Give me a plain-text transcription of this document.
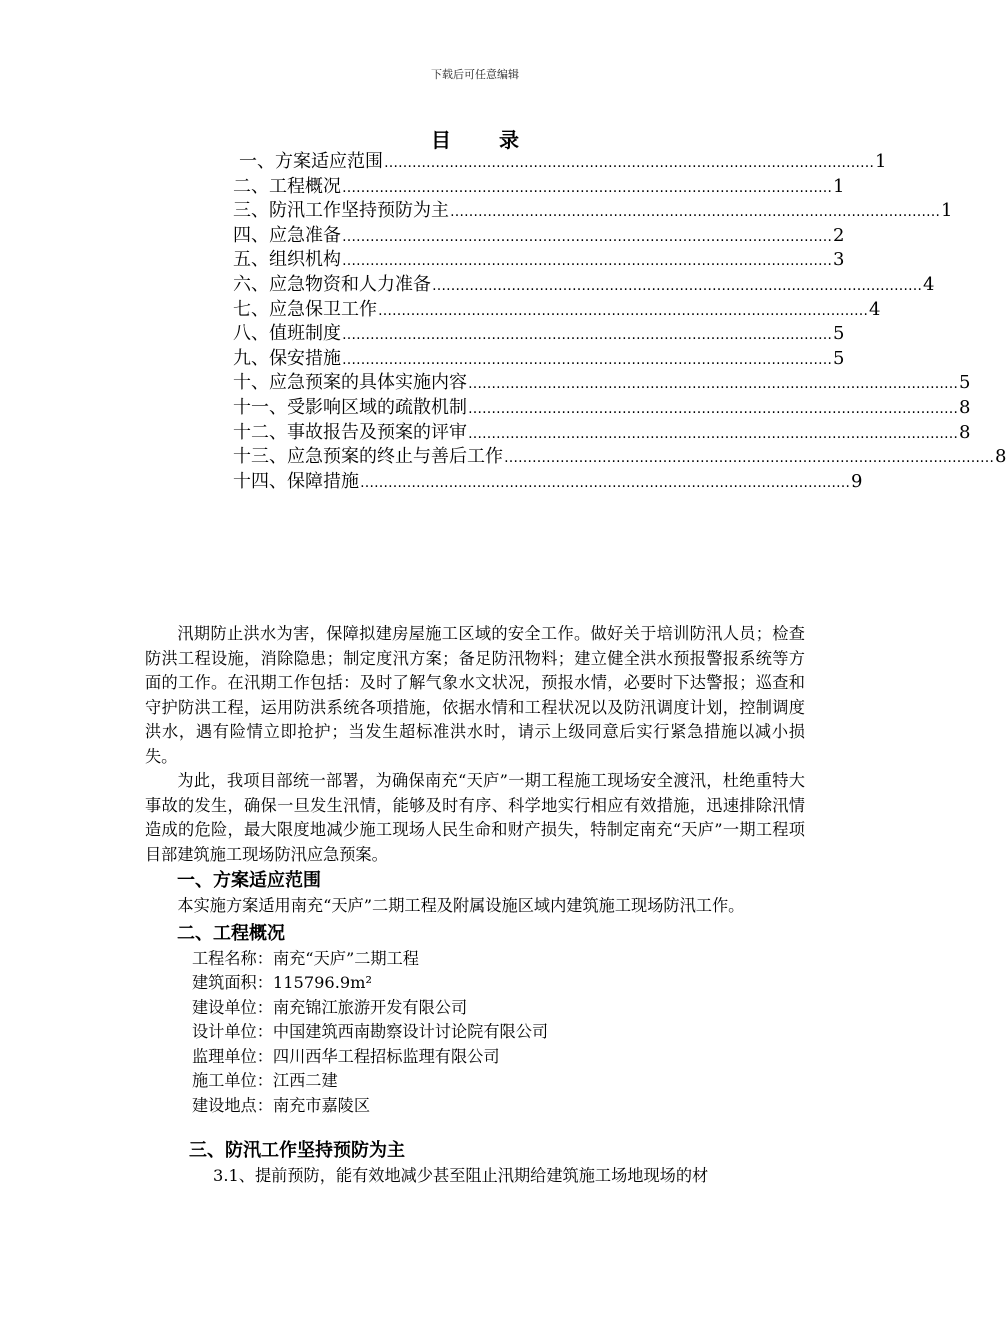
下载后可任意编辑
目 录
一、方案适应范围 …………………………………………………………………………………………… 1
二、工程概况 …………………………………………………………………………………………… 1
三、防汛工作坚持预防为主 …………………………………………………………………………………………… 1
四、应急准备 …………………………………………………………………………………………… 2
五、组织机构 …………………………………………………………………………………………… 3
六、应急物资和人力准备 …………………………………………………………………………………………… 4
七、应急保卫工作 …………………………………………………………………………………………… 4
八、值班制度 …………………………………………………………………………………………… 5
九、保安措施 …………………………………………………………………………………………… 5
十、应急预案的具体实施内容 …………………………………………………………………………………………… 5
十一、受影响区域的疏散机制 …………………………………………………………………………………………… 8
十二、事故报告及预案的评审 …………………………………………………………………………………………… 8
十三、应急预案的终止与善后工作 …………………………………………………………………………………………… 8
十四、保障措施 …………………………………………………………………………………………… 9

汛期防止洪水为害，保障拟建房屋施工区域的安全工作。做好关于培训防汛人员；检查防洪工程设施，消除隐患；制定度汛方案；备足防汛物料；建立健全洪水预报警报系统等方面的工作。在汛期工作包括：及时了解气象水文状况，预报水情，必要时下达警报；巡查和守护防洪工程，运用防洪系统各项措施，依据水情和工程状况以及防汛调度计划，控制调度洪水，遇有险情立即抢护；当发生超标准洪水时，请示上级同意后实行紧急措施以减小损失。

为此，我项目部统一部署，为确保南充“天庐”一期工程施工现场安全渡汛，杜绝重特大事故的发生，确保一旦发生汛情，能够及时有序、科学地实行相应有效措施，迅速排除汛情造成的危险，最大限度地减少施工现场人民生命和财产损失，特制定南充“天庐”一期工程项目部建筑施工现场防汛应急预案。

一、方案适应范围

本实施方案适用南充“天庐”二期工程及附属设施区域内建筑施工现场防汛工作。

二、工程概况

工程名称：南充“天庐”二期工程

建筑面积：115796.9m²

建设单位：南充锦江旅游开发有限公司

设计单位：中国建筑西南勘察设计讨论院有限公司

监理单位：四川西华工程招标监理有限公司

施工单位：江西二建

建设地点：南充市嘉陵区

三、防汛工作坚持预防为主

3.1、提前预防，能有效地减少甚至阻止汛期给建筑施工场地现场的材
